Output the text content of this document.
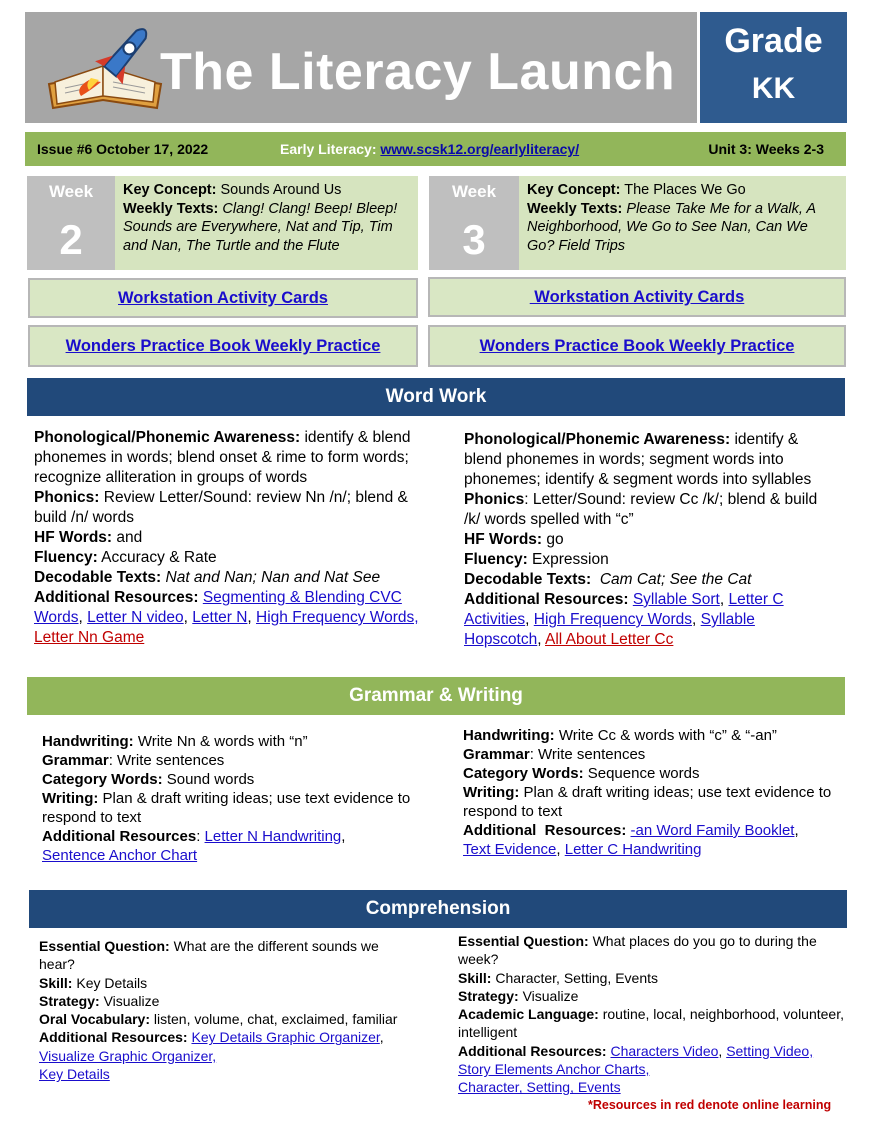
The Literacy Launch
Grade
KK
Issue #6 October 17, 2022	Early Literacy: www.scsk12.org/earlyliteracy/	Unit 3: Weeks 2-3
Week
2
Key Concept: Sounds Around Us
Weekly Texts: Clang! Clang! Beep! Bleep! Sounds are Everywhere, Nat and Tip, Tim and Nan, The Turtle and the Flute
Week
3
Key Concept: The Places We Go
Weekly Texts: Please Take Me for a Walk, A Neighborhood, We Go to See Nan, Can We Go? Field Trips
Workstation Activity Cards	Workstation Activity Cards
Wonders Practice Book Weekly Practice	Wonders Practice Book Weekly Practice
Word Work
Phonological/Phonemic Awareness: identify & blend phonemes in words; blend onset & rime to form words; recognize alliteration in groups of words
Phonics: Review Letter/Sound: review Nn /n/; blend & build /n/ words
HF Words: and
Fluency: Accuracy & Rate
Decodable Texts: Nat and Nan; Nan and Nat See
Additional Resources: Segmenting & Blending CVC Words, Letter N video, Letter N, High Frequency Words,
Letter Nn Game
Phonological/Phonemic Awareness: identify & blend phonemes in words; segment words into phonemes; identify & segment words into syllables
Phonics: Letter/Sound: review Cc /k/; blend & build /k/ words spelled with “c”
HF Words: go
Fluency: Expression
Decodable Texts:  Cam Cat; See the Cat
Additional Resources: Syllable Sort, Letter C Activities, High Frequency Words, Syllable Hopscotch, All About Letter Cc
Grammar & Writing
Handwriting: Write Nn & words with “n”
Grammar: Write sentences
Category Words: Sound words
Writing: Plan & draft writing ideas; use text evidence to respond to text
Additional Resources: Letter N Handwriting,
Sentence Anchor Chart
Handwriting: Write Cc & words with “c” & “-an”
Grammar: Write sentences
Category Words: Sequence words
Writing: Plan & draft writing ideas; use text evidence to respond to text
Additional  Resources: -an Word Family Booklet,
Text Evidence, Letter C Handwriting
Comprehension
Essential Question: What are the different sounds we hear?
Skill: Key Details
Strategy: Visualize
Oral Vocabulary: listen, volume, chat, exclaimed, familiar
Additional Resources: Key Details Graphic Organizer,
Visualize Graphic Organizer,
Key Details
Essential Question: What places do you go to during the week?
Skill: Character, Setting, Events
Strategy: Visualize
Academic Language: routine, local, neighborhood, volunteer, intelligent
Additional Resources: Characters Video, Setting Video,
Story Elements Anchor Charts,
Character, Setting, Events
*Resources in red denote online learning
